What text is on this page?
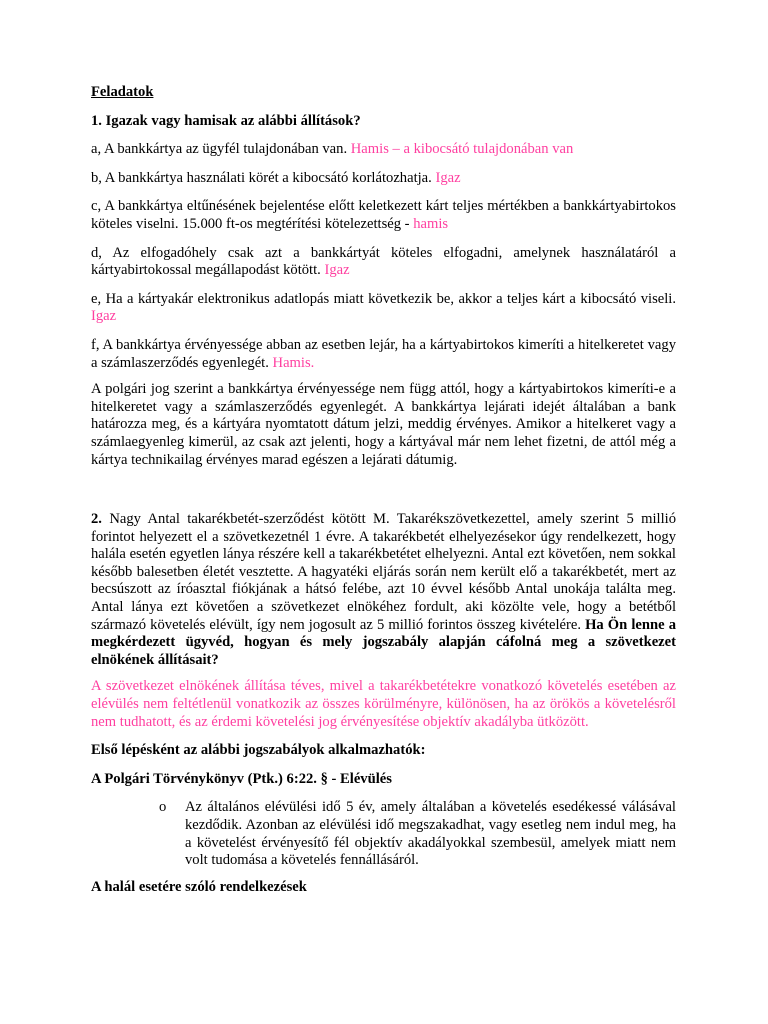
Feladatok

1. Igazak vagy hamisak az alábbi állítások?

a, A bankkártya az ügyfél tulajdonában van. Hamis – a kibocsátó tulajdonában van

b, A bankkártya használati körét a kibocsátó korlátozhatja. Igaz

c, A bankkártya eltűnésének bejelentése előtt keletkezett kárt teljes mértékben a bankkártyabirtokos köteles viselni. 15.000 ft-os megtérítési kötelezettség - hamis

d, Az elfogadóhely csak azt a bankkártyát köteles elfogadni, amelynek használatáról a kártyabirtokossal megállapodást kötött. Igaz

e, Ha a kártyakár elektronikus adatlopás miatt következik be, akkor a teljes kárt a kibocsátó viseli. Igaz

f, A bankkártya érvényessége abban az esetben lejár, ha a kártyabirtokos kimeríti a hitelkeretet vagy a számlaszerződés egyenlegét. Hamis.

A polgári jog szerint a bankkártya érvényessége nem függ attól, hogy a kártyabirtokos kimeríti-e a hitelkeretet vagy a számlaszerződés egyenlegét. A bankkártya lejárati idejét általában a bank határozza meg, és a kártyára nyomtatott dátum jelzi, meddig érvényes. Amikor a hitelkeret vagy a számlaegyenleg kimerül, az csak azt jelenti, hogy a kártyával már nem lehet fizetni, de attól még a kártya technikailag érvényes marad egészen a lejárati dátumig.

2. Nagy Antal takarékbetét-szerződést kötött M. Takarékszövetkezettel, amely szerint 5 millió forintot helyezett el a szövetkezetnél 1 évre. A takarékbetét elhelyezésekor úgy rendelkezett, hogy halála esetén egyetlen lánya részére kell a takarékbetétet elhelyezni. Antal ezt követően, nem sokkal később balesetben életét vesztette. A hagyatéki eljárás során nem került elő a takarékbetét, mert az becsúszott az íróasztal fiókjának a hátsó felébe, azt 10 évvel később Antal unokája találta meg. Antal lánya ezt követően a szövetkezet elnökéhez fordult, aki közölte vele, hogy a betétből származó követelés elévült, így nem jogosult az 5 millió forintos összeg kivételére. Ha Ön lenne a megkérdezett ügyvéd, hogyan és mely jogszabály alapján cáfolná meg a szövetkezet elnökének állításait?

A szövetkezet elnökének állítása téves, mivel a takarékbetétekre vonatkozó követelés esetében az elévülés nem feltétlenül vonatkozik az összes körülményre, különösen, ha az örökös a követelésről nem tudhatott, és az érdemi követelési jog érvényesítése objektív akadályba ütközött.

Első lépésként az alábbi jogszabályok alkalmazhatók:

A Polgári Törvénykönyv (Ptk.) 6:22. § - Elévülés

o Az általános elévülési idő 5 év, amely általában a követelés esedékessé válásával kezdődik. Azonban az elévülési idő megszakadhat, vagy esetleg nem indul meg, ha a követelést érvényesítő fél objektív akadályokkal szembesül, amelyek miatt nem volt tudomása a követelés fennállásáról.

A halál esetére szóló rendelkezések
